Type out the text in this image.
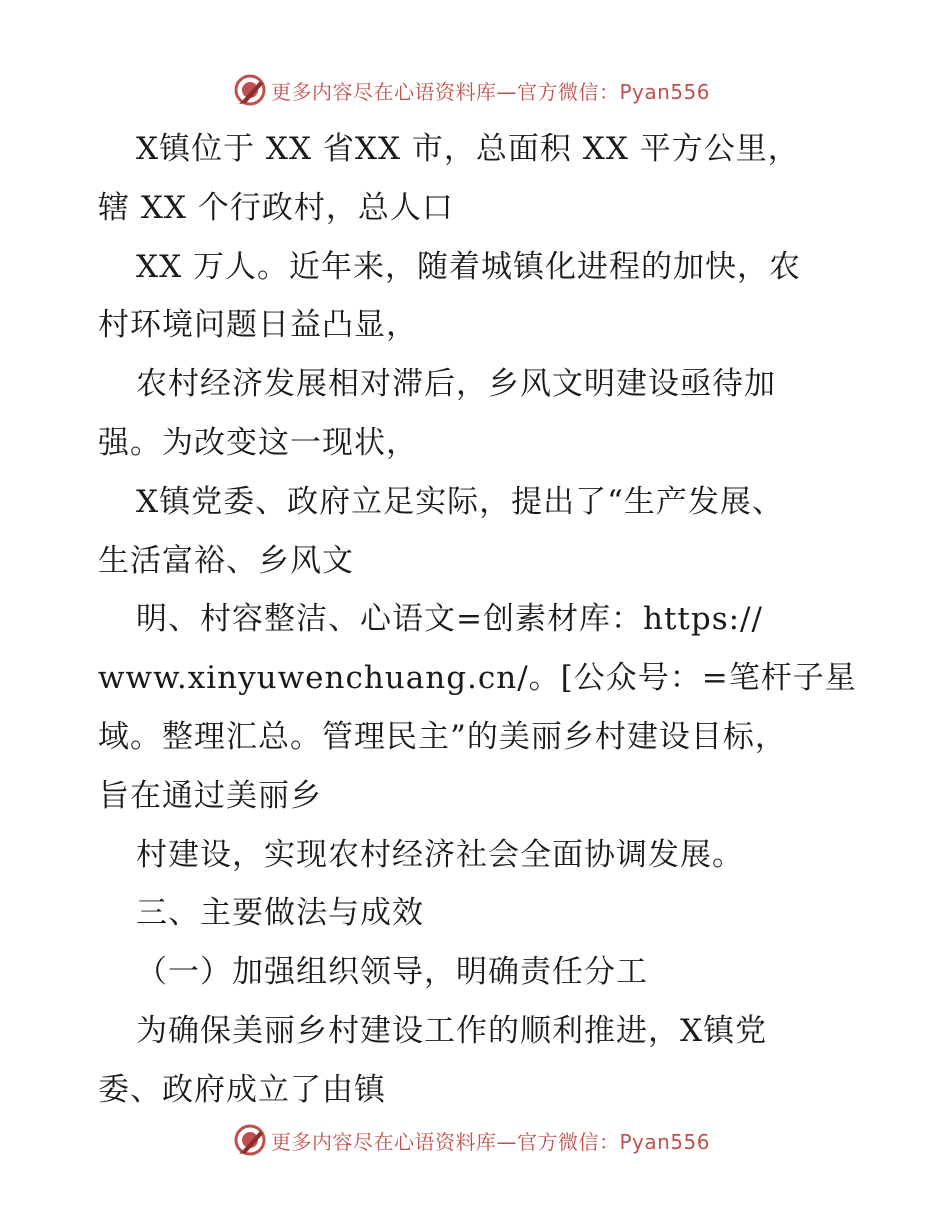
更多内容尽在心语资料库—官方微信：Pyan556
X镇位于 XX 省XX 市，总面积 XX 平方公里，
辖 XX 个行政村，总人口
XX 万人。近年来，随着城镇化进程的加快，农
村环境问题日益凸显，
农村经济发展相对滞后，乡风文明建设亟待加
强。为改变这一现状，
X镇党委、政府立足实际，提出了“生产发展、
生活富裕、乡风文
明、村容整洁、心语文=创素材库：https://
www.xinyuwenchuang.cn/。[公众号：=笔杆子星
域。整理汇总。管理民主”的美丽乡村建设目标，
旨在通过美丽乡
村建设，实现农村经济社会全面协调发展。
三、主要做法与成效
（一）加强组织领导，明确责任分工
为确保美丽乡村建设工作的顺利推进，X镇党
委、政府成立了由镇
更多内容尽在心语资料库—官方微信：Pyan556
